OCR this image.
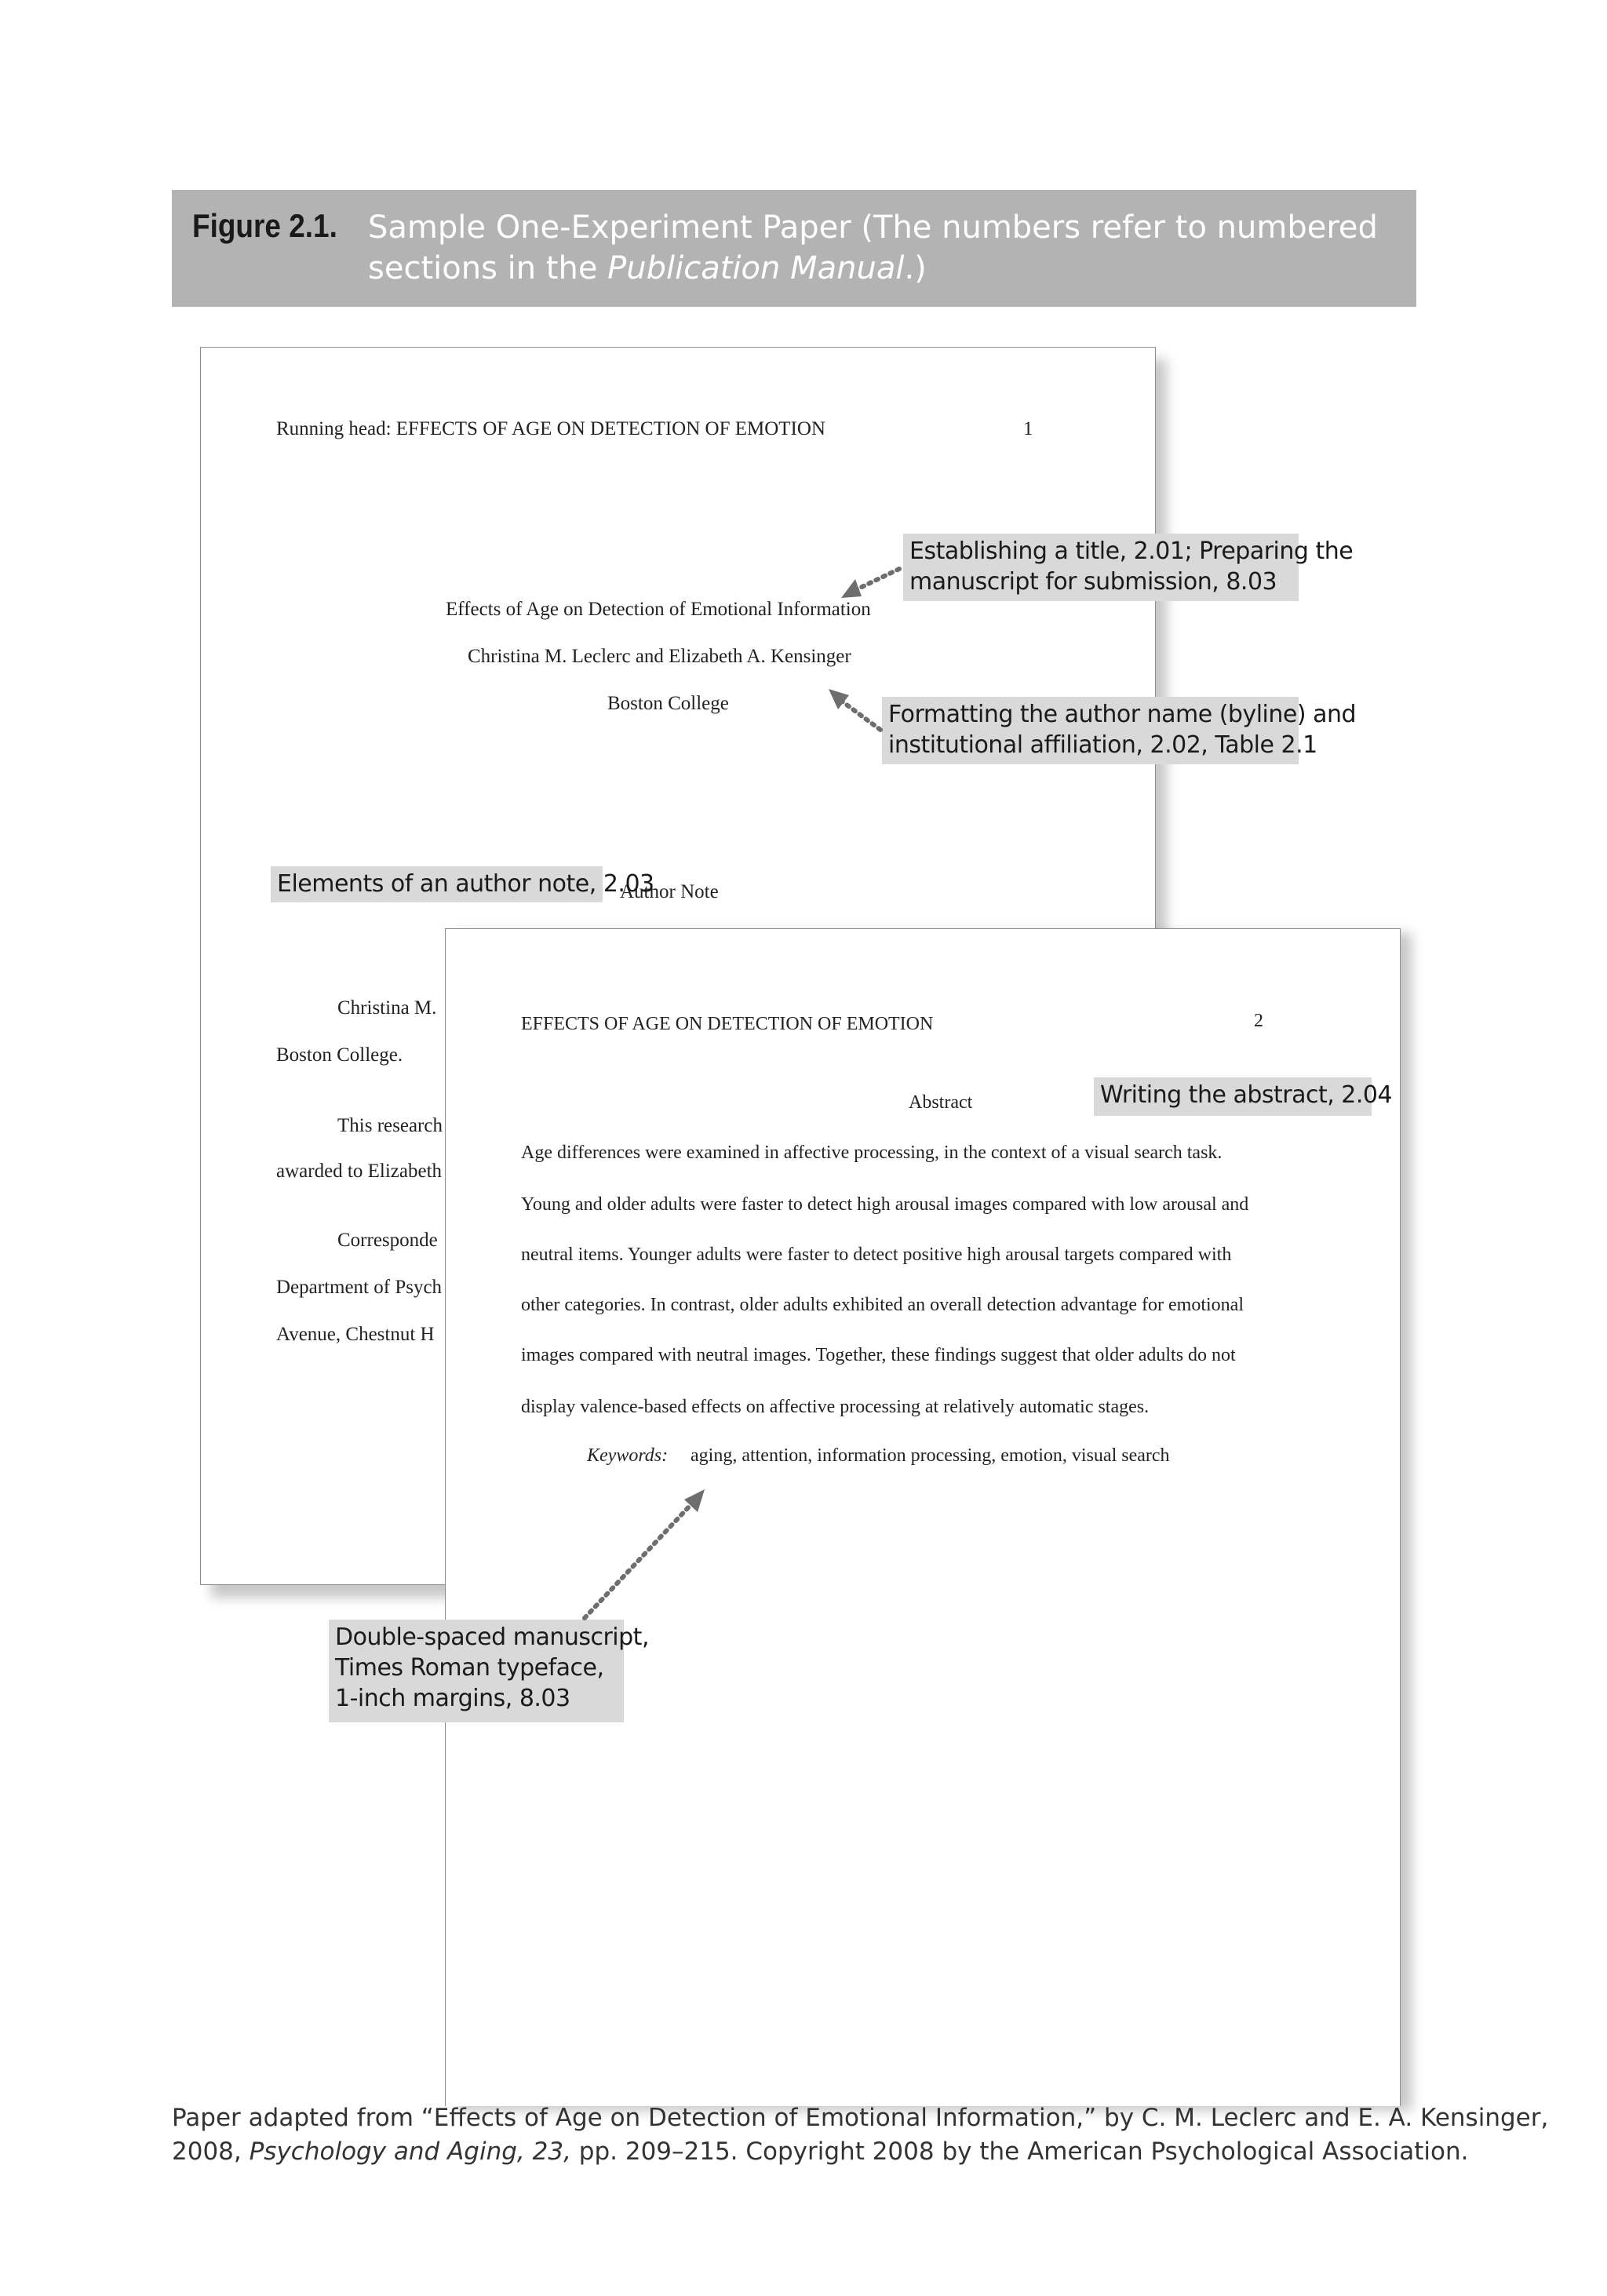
Figure 2.1. Sample One-Experiment Paper (The numbers refer to numbered
sections in the Publication Manual.)
Running head: EFFECTS OF AGE ON DETECTION OF EMOTION	1
Effects of Age on Detection of Emotional Information
Christina M. Leclerc and Elizabeth A. Kensinger
Boston College
Author Note
Christina M.
Boston College.
This research
awarded to Elizabeth
Corresponde
Department of Psych
Avenue, Chestnut H
EFFECTS OF AGE ON DETECTION OF EMOTION	2
Abstract
Age differences were examined in affective processing, in the context of a visual search task.
Young and older adults were faster to detect high arousal images compared with low arousal and
neutral items. Younger adults were faster to detect positive high arousal targets compared with
other categories. In contrast, older adults exhibited an overall detection advantage for emotional
images compared with neutral images. Together, these findings suggest that older adults do not
display valence-based effects on affective processing at relatively automatic stages.
Keywords: aging, attention, information processing, emotion, visual search
Establishing a title, 2.01; Preparing the
manuscript for submission, 8.03
Formatting the author name (byline) and
institutional affiliation, 2.02, Table 2.1
Elements of an author note, 2.03
Writing the abstract, 2.04
Double-spaced manuscript,
Times Roman typeface,
1-inch margins, 8.03
Paper adapted from “Effects of Age on Detection of Emotional Information,” by C. M. Leclerc and E. A. Kensinger,
2008, Psychology and Aging, 23, pp. 209–215. Copyright 2008 by the American Psychological Association.
